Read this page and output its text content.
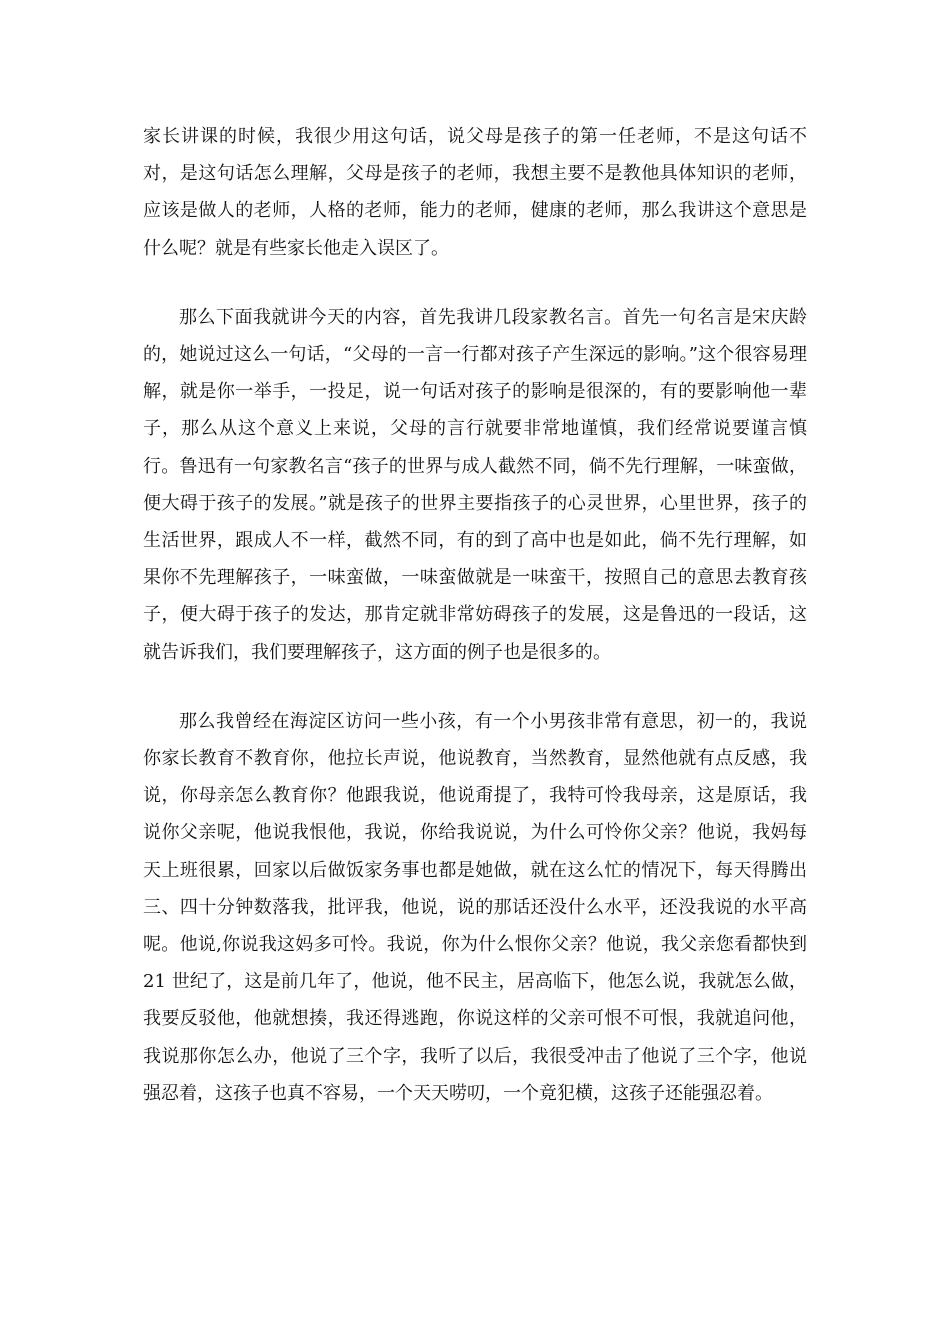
家长讲课的时候，我很少用这句话，说父母是孩子的第一任老师，不是这句话不对，是这句话怎么理解，父母是孩子的老师，我想主要不是教他具体知识的老师，应该是做人的老师，人格的老师，能力的老师，健康的老师，那么我讲这个意思是什么呢？就是有些家长他走入误区了。

那么下面我就讲今天的内容，首先我讲几段家教名言。首先一句名言是宋庆龄的，她说过这么一句话，“父母的一言一行都对孩子产生深远的影响。”这个很容易理解，就是你一举手，一投足，说一句话对孩子的影响是很深的，有的要影响他一辈子，那么从这个意义上来说，父母的言行就要非常地谨慎，我们经常说要谨言慎行。鲁迅有一句家教名言“孩子的世界与成人截然不同，倘不先行理解，一味蛮做，便大碍于孩子的发展。”就是孩子的世界主要指孩子的心灵世界，心里世界，孩子的生活世界，跟成人不一样，截然不同，有的到了高中也是如此，倘不先行理解，如果你不先理解孩子，一味蛮做，一味蛮做就是一味蛮干，按照自己的意思去教育孩子，便大碍于孩子的发达，那肯定就非常妨碍孩子的发展，这是鲁迅的一段话，这就告诉我们，我们要理解孩子，这方面的例子也是很多的。

那么我曾经在海淀区访问一些小孩，有一个小男孩非常有意思，初一的，我说你家长教育不教育你，他拉长声说，他说教育，当然教育，显然他就有点反感，我说，你母亲怎么教育你？他跟我说，他说甭提了，我特可怜我母亲，这是原话，我说你父亲呢，他说我恨他，我说，你给我说说，为什么可怜你父亲？他说，我妈每天上班很累，回家以后做饭家务事也都是她做，就在这么忙的情况下，每天得腾出三、四十分钟数落我，批评我，他说，说的那话还没什么水平，还没我说的水平高呢。他说,你说我这妈多可怜。我说，你为什么恨你父亲？他说，我父亲您看都快到 21 世纪了，这是前几年了，他说，他不民主，居高临下，他怎么说，我就怎么做，我要反驳他，他就想揍，我还得逃跑，你说这样的父亲可恨不可恨，我就追问他，我说那你怎么办，他说了三个字，我听了以后，我很受冲击了他说了三个字，他说强忍着，这孩子也真不容易，一个天天唠叨，一个竟犯横，这孩子还能强忍着。
